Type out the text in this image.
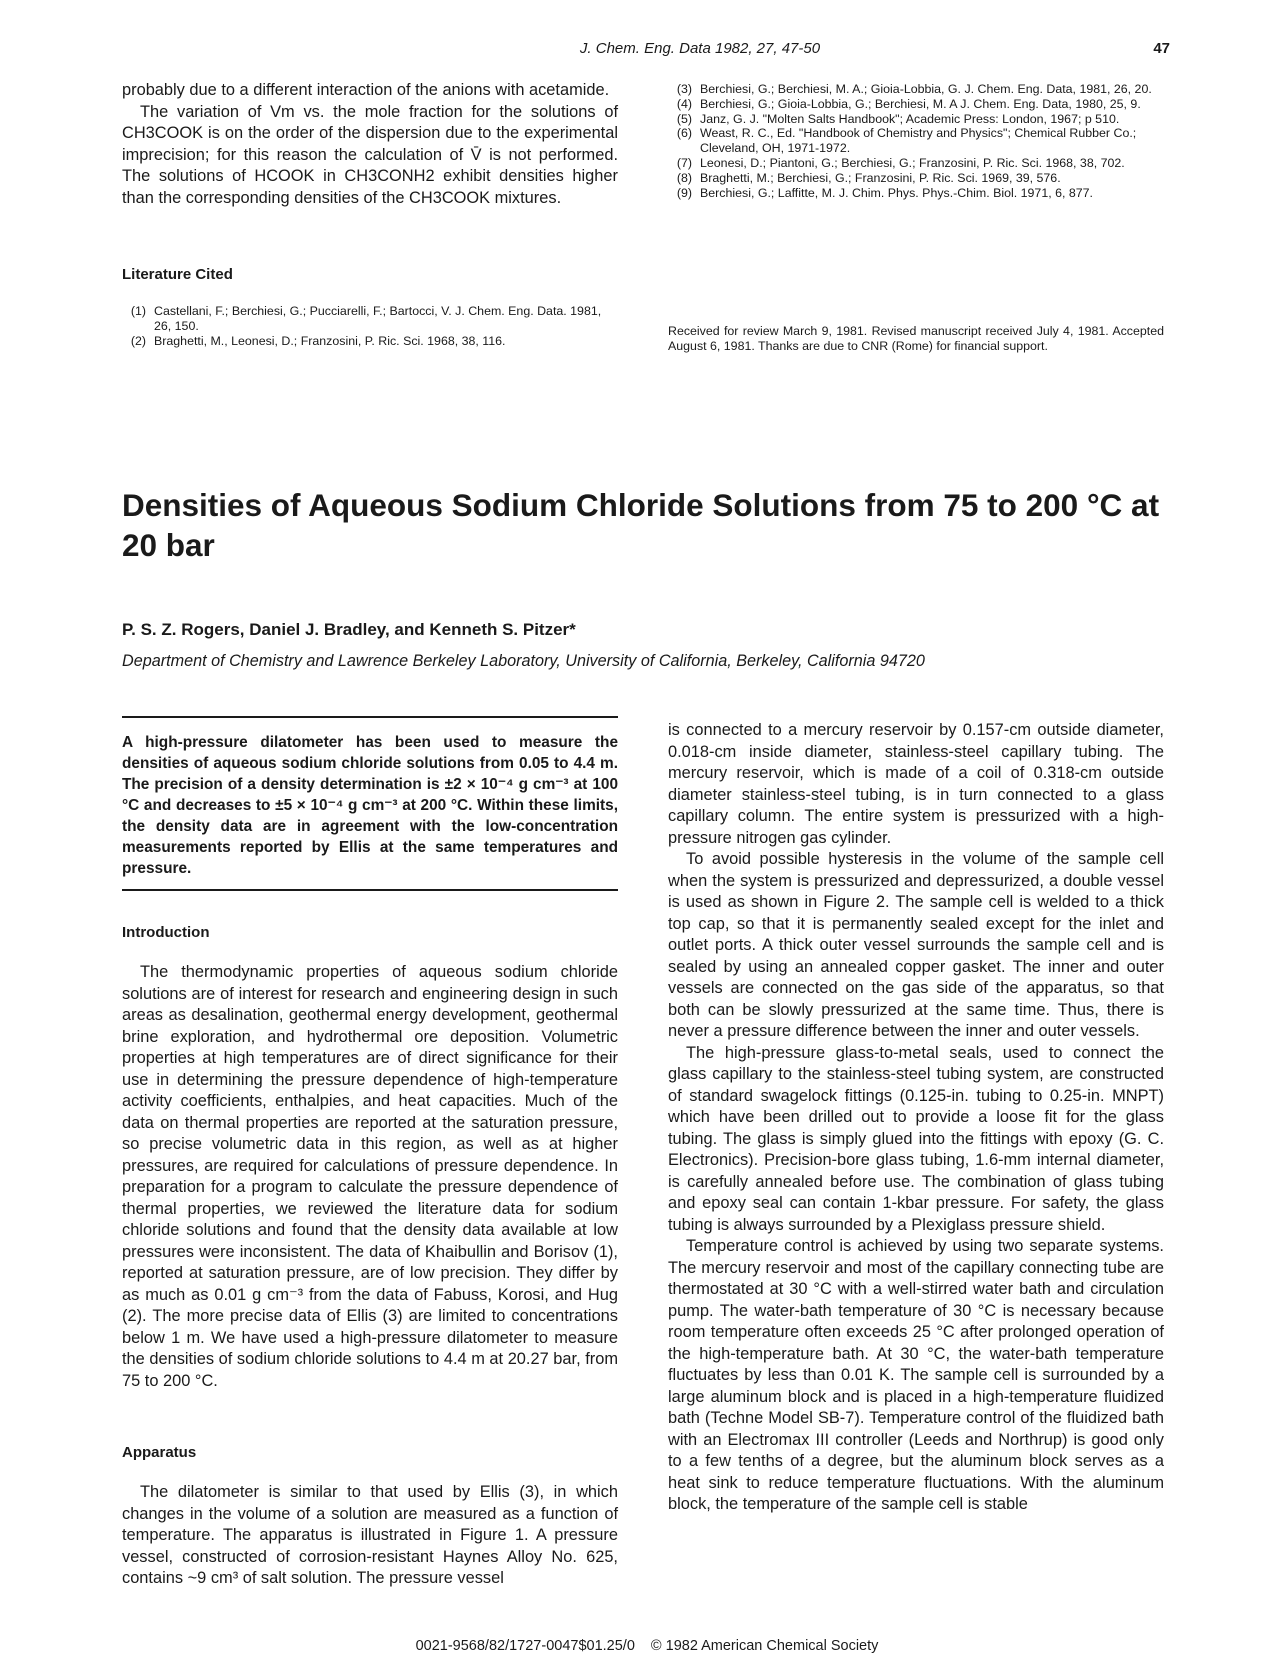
J. Chem. Eng. Data 1982, 27, 47-50	47

probably due to a different interaction of the anions with acetamide.

The variation of Vm vs. the mole fraction for the solutions of CH3COOK is on the order of the dispersion due to the experimental imprecision; for this reason the calculation of V̄ is not performed. The solutions of HCOOK in CH3CONH2 exhibit densities higher than the corresponding densities of the CH3COOK mixtures.

Literature Cited
(1) Castellani, F.; Berchiesi, G.; Pucciarelli, F.; Bartocci, V. J. Chem. Eng. Data. 1981, 26, 150.
(2) Braghetti, M., Leonesi, D.; Franzosini, P. Ric. Sci. 1968, 38, 116.
(3) Berchiesi, G.; Berchiesi, M. A.; Gioia-Lobbia, G. J. Chem. Eng. Data, 1981, 26, 20.
(4) Berchiesi, G.; Gioia-Lobbia, G.; Berchiesi, M. A J. Chem. Eng. Data, 1980, 25, 9.
(5) Janz, G. J. "Molten Salts Handbook"; Academic Press: London, 1967; p 510.
(6) Weast, R. C., Ed. "Handbook of Chemistry and Physics"; Chemical Rubber Co.; Cleveland, OH, 1971-1972.
(7) Leonesi, D.; Piantoni, G.; Berchiesi, G.; Franzosini, P. Ric. Sci. 1968, 38, 702.
(8) Braghetti, M.; Berchiesi, G.; Franzosini, P. Ric. Sci. 1969, 39, 576.
(9) Berchiesi, G.; Laffitte, M. J. Chim. Phys. Phys.-Chim. Biol. 1971, 6, 877.
Received for review March 9, 1981. Revised manuscript received July 4, 1981. Accepted August 6, 1981. Thanks are due to CNR (Rome) for financial support.
Densities of Aqueous Sodium Chloride Solutions from 75 to 200 °C at 20 bar
P. S. Z. Rogers, Daniel J. Bradley, and Kenneth S. Pitzer*
Department of Chemistry and Lawrence Berkeley Laboratory, University of California, Berkeley, California 94720
A high-pressure dilatometer has been used to measure the densities of aqueous sodium chloride solutions from 0.05 to 4.4 m. The precision of a density determination is ±2 × 10⁻⁴ g cm⁻³ at 100 °C and decreases to ±5 × 10⁻⁴ g cm⁻³ at 200 °C. Within these limits, the density data are in agreement with the low-concentration measurements reported by Ellis at the same temperatures and pressure.
Introduction

The thermodynamic properties of aqueous sodium chloride solutions are of interest for research and engineering design in such areas as desalination, geothermal energy development, geothermal brine exploration, and hydrothermal ore deposition. Volumetric properties at high temperatures are of direct significance for their use in determining the pressure dependence of high-temperature activity coefficients, enthalpies, and heat capacities. Much of the data on thermal properties are reported at the saturation pressure, so precise volumetric data in this region, as well as at higher pressures, are required for calculations of pressure dependence. In preparation for a program to calculate the pressure dependence of thermal properties, we reviewed the literature data for sodium chloride solutions and found that the density data available at low pressures were inconsistent. The data of Khaibullin and Borisov (1), reported at saturation pressure, are of low precision. They differ by as much as 0.01 g cm⁻³ from the data of Fabuss, Korosi, and Hug (2). The more precise data of Ellis (3) are limited to concentrations below 1 m. We have used a high-pressure dilatometer to measure the densities of sodium chloride solutions to 4.4 m at 20.27 bar, from 75 to 200 °C.

Apparatus

The dilatometer is similar to that used by Ellis (3), in which changes in the volume of a solution are measured as a function of temperature. The apparatus is illustrated in Figure 1. A pressure vessel, constructed of corrosion-resistant Haynes Alloy No. 625, contains ~9 cm³ of salt solution. The pressure vessel

is connected to a mercury reservoir by 0.157-cm outside diameter, 0.018-cm inside diameter, stainless-steel capillary tubing. The mercury reservoir, which is made of a coil of 0.318-cm outside diameter stainless-steel tubing, is in turn connected to a glass capillary column. The entire system is pressurized with a high-pressure nitrogen gas cylinder.

To avoid possible hysteresis in the volume of the sample cell when the system is pressurized and depressurized, a double vessel is used as shown in Figure 2. The sample cell is welded to a thick top cap, so that it is permanently sealed except for the inlet and outlet ports. A thick outer vessel surrounds the sample cell and is sealed by using an annealed copper gasket. The inner and outer vessels are connected on the gas side of the apparatus, so that both can be slowly pressurized at the same time. Thus, there is never a pressure difference between the inner and outer vessels.

The high-pressure glass-to-metal seals, used to connect the glass capillary to the stainless-steel tubing system, are constructed of standard swagelock fittings (0.125-in. tubing to 0.25-in. MNPT) which have been drilled out to provide a loose fit for the glass tubing. The glass is simply glued into the fittings with epoxy (G. C. Electronics). Precision-bore glass tubing, 1.6-mm internal diameter, is carefully annealed before use. The combination of glass tubing and epoxy seal can contain 1-kbar pressure. For safety, the glass tubing is always surrounded by a Plexiglass pressure shield.

Temperature control is achieved by using two separate systems. The mercury reservoir and most of the capillary connecting tube are thermostated at 30 °C with a well-stirred water bath and circulation pump. The water-bath temperature of 30 °C is necessary because room temperature often exceeds 25 °C after prolonged operation of the high-temperature bath. At 30 °C, the water-bath temperature fluctuates by less than 0.01 K. The sample cell is surrounded by a large aluminum block and is placed in a high-temperature fluidized bath (Techne Model SB-7). Temperature control of the fluidized bath with an Electromax III controller (Leeds and Northrup) is good only to a few tenths of a degree, but the aluminum block serves as a heat sink to reduce temperature fluctuations. With the aluminum block, the temperature of the sample cell is stable

0021-9568/82/1727-0047$01.25/0 © 1982 American Chemical Society
